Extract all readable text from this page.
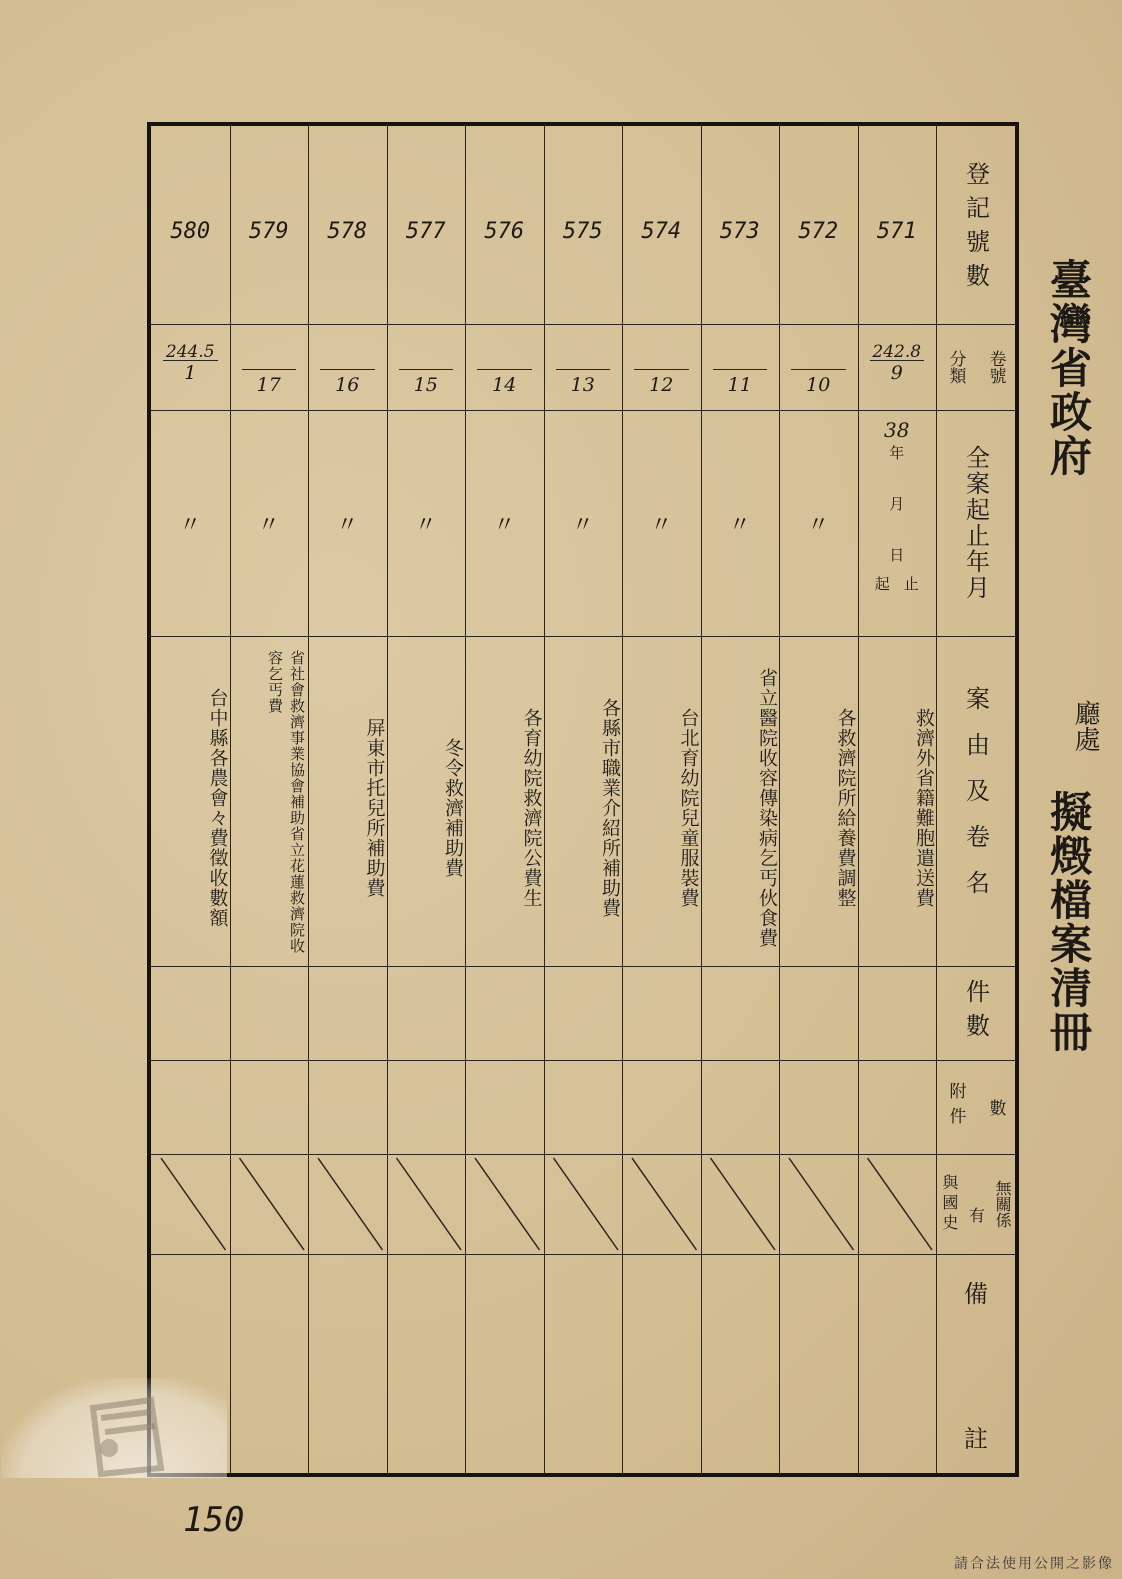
臺灣省政府
廳處
擬燬檔案清冊
登記號數
分類 卷號
全案起止年月
案由及卷名
件數
附件 數
與國史 有 無關係
備
註
571
242.8
9
38
年
月
日
起 止
救濟外省籍難胞遣送費
572
10
〃
各救濟院所給養費調整
573
11
〃
省立醫院收容傳染病乞丐伙食費
574
12
〃
台北育幼院兒童服裝費
575
13
〃
各縣市職業介紹所補助費
576
14
〃
各育幼院救濟院公費生
577
15
〃
冬令救濟補助費
578
16
〃
屏東市托兒所補助費
579
17
〃
省社會救濟事業協會補助省立花蓮救濟院收容乞丐費
580
244.5
1
〃
台中縣各農會々費徵收數額
150
請合法使用公開之影像
